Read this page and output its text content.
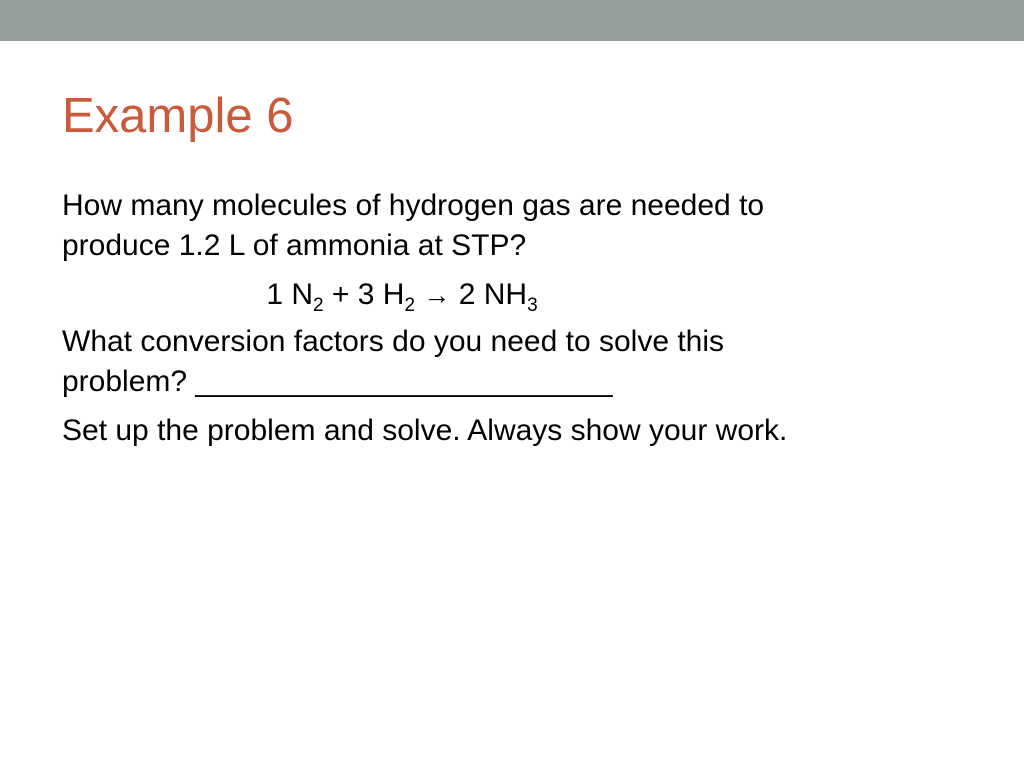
Example 6

How many molecules of hydrogen gas are needed to
produce 1.2 L of ammonia at STP?

1 $N_2 + 3$ $H_2 \to 2$ $NH_3$

What conversion factors do you need to solve this
problem? _________________________

Set up the problem and solve. Always show your work.
